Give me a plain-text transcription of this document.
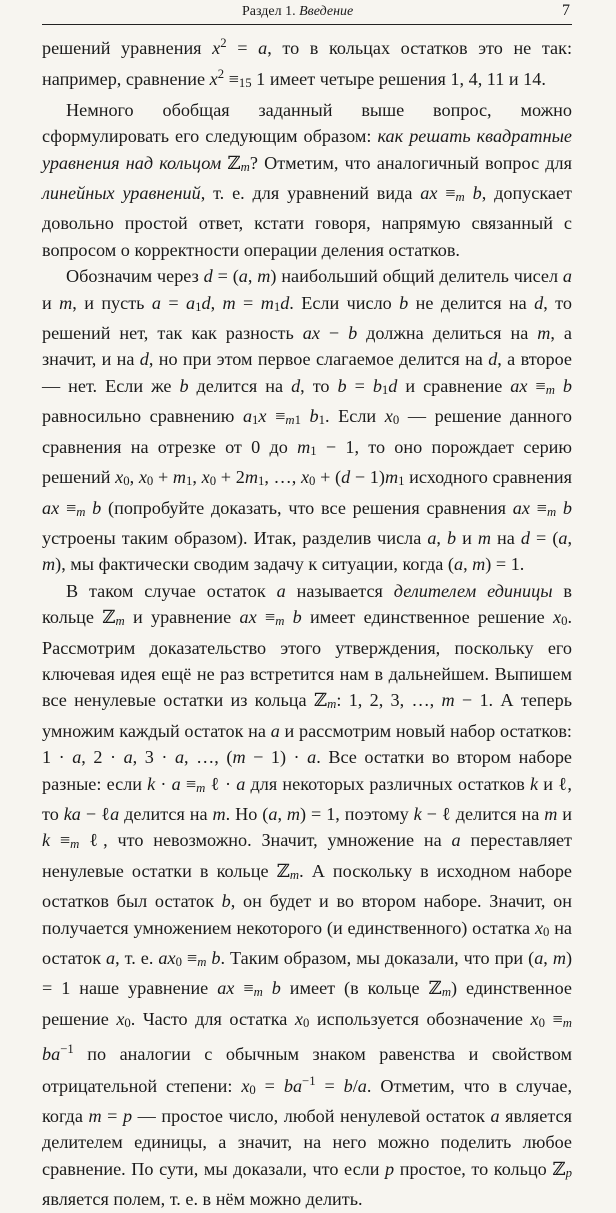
Раздел 1. Введение	7

решений уравнения $x^2 = a$, то в кольцах остатков это не так: например, сравнение $x^2 \equiv 15$ 1 имеет четыре решения 1, 4, 11 и 14.

Немного обобщая заданный выше вопрос, можно сформулировать его следующим образом: как решать квадратные уравнения над кольцом ℤm? Отметим, что аналогичный вопрос для линейных уравнений, т. е. для уравнений вида ax ≡m b, допускает довольно простой ответ, кстати говоря, напрямую связанный с вопросом о корректности операции деления остатков.

Обозначим через d = (a, m) наибольший общий делитель чисел a и m, и пусть a = a1d, m = m1d. Если число b не делится на d, то решений нет, так как разность ax − b должна делиться на m, а значит, и на d, но при этом первое слагаемое делится на d, а второе — нет. Если же b делится на d, то b = b1d и сравнение ax ≡m b равносильно сравнению a1x ≡m1 b1. Если x0 — решение данного сравнения на отрезке от 0 до m1 − 1, то оно порождает серию решений x0, x0 + m1, x0 + 2m1, …, x0 + (d − 1)m1 исходного сравнения ax ≡m b (попробуйте доказать, что все решения сравнения ax ≡m b устроены таким образом). Итак, разделив числа a, b и m на d = (a, m), мы фактически сводим задачу к ситуации, когда (a, m) = 1.

В таком случае остаток a называется делителем единицы в кольце ℤm и уравнение ax ≡m b имеет единственное решение x0. Рассмотрим доказательство этого утверждения, поскольку его ключевая идея ещё не раз встретится нам в дальнейшем. Выпишем все ненулевые остатки из кольца ℤm: 1, 2, 3, …, m − 1. А теперь умножим каждый остаток на a и рассмотрим новый набор остатков: 1 · a, 2 · a, 3 · a, …, (m − 1) · a. Все остатки во втором наборе разные: если k · a ≡m ℓ · a для некоторых различных остатков k и ℓ, то ka − ℓa делится на m. Но (a, m) = 1, поэтому k − ℓ делится на m и k ≡m ℓ, что невозможно. Значит, умножение на a переставляет ненулевые остатки в кольце ℤm. А поскольку в исходном наборе остатков был остаток b, он будет и во втором наборе. Значит, он получается умножением некоторого (и единственного) остатка x0 на остаток a, т. е. ax0 ≡m b. Таким образом, мы доказали, что при (a, m) = 1 наше уравнение ax ≡m b имеет (в кольце ℤm) единственное решение x0. Часто для остатка x0 используется обозначение x0 ≡m $ba^{-1}$ по аналогии с обычным знаком равенства и свойством отрицательной степени: $x0 = ba^{-1} = b/a$. Отметим, что в случае, когда m = p — простое число, любой ненулевой остаток a является делителем единицы, а значит, на него можно поделить любое сравнение. По сути, мы доказали, что если p простое, то кольцо ℤp является полем, т. е. в нём можно делить.
